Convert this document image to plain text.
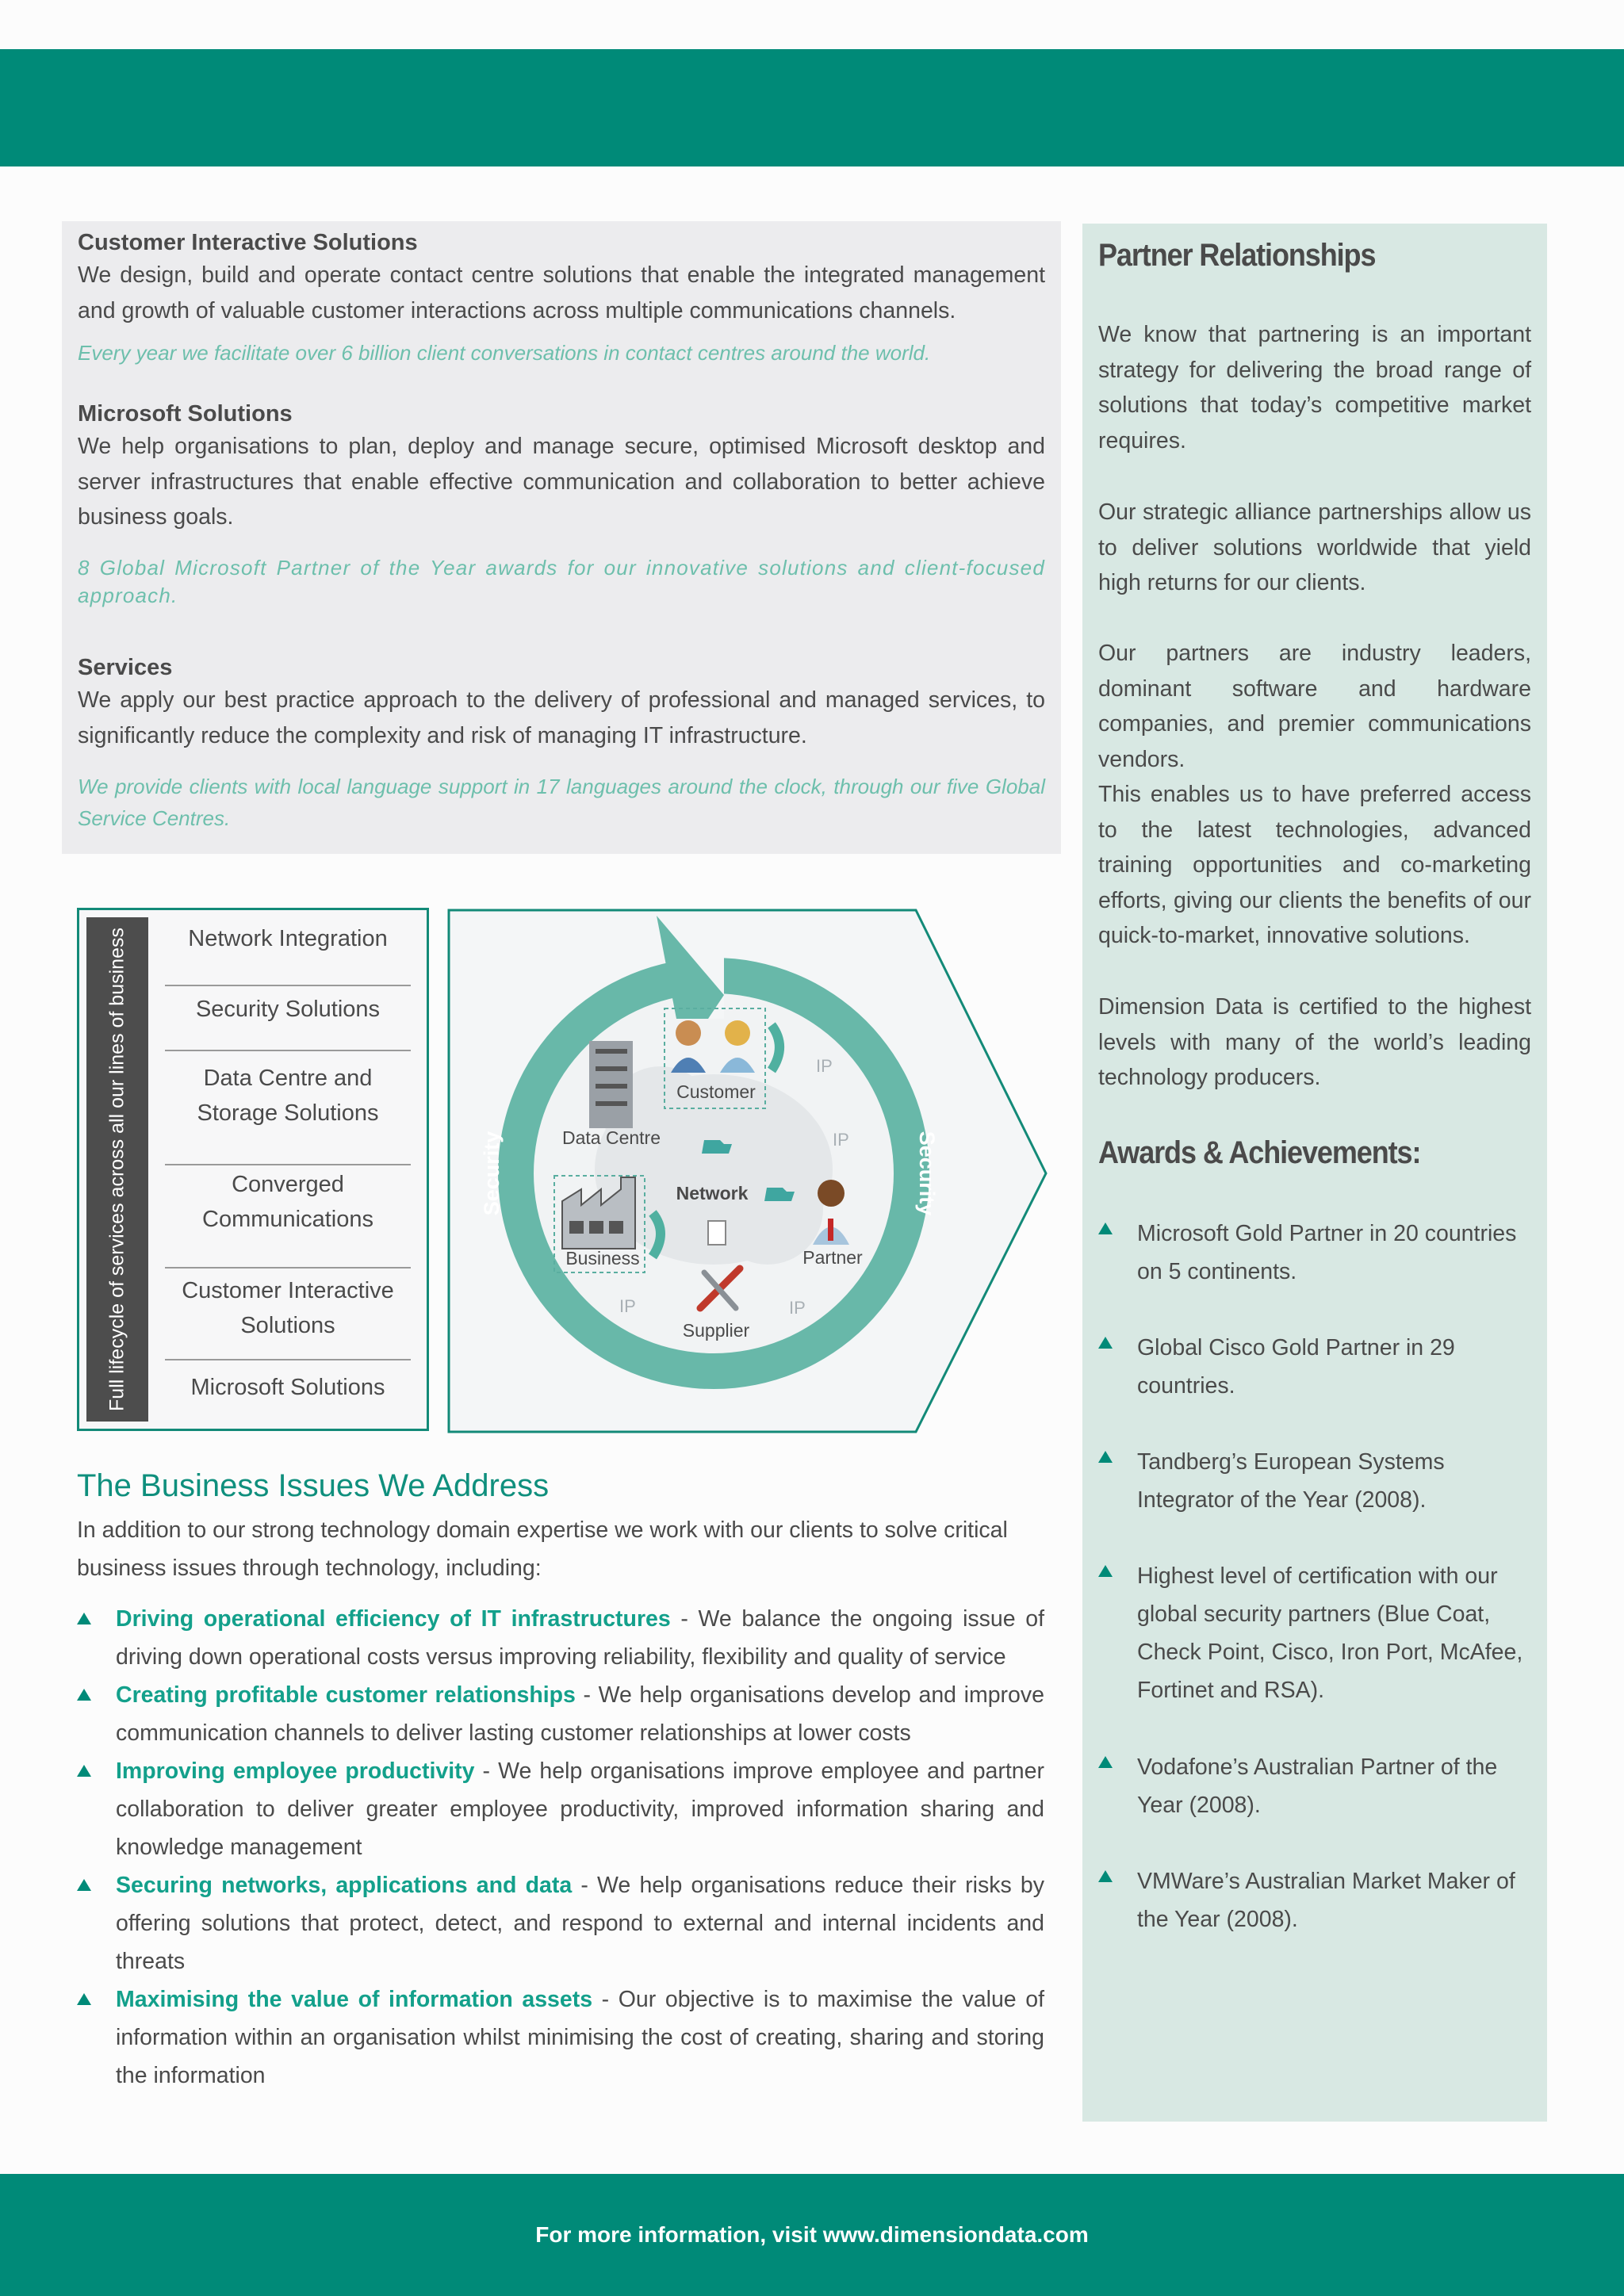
Customer Interactive Solutions

We design, build and operate contact centre solutions that enable the integrated management and growth of valuable customer interactions across multiple communications channels.

Every year we facilitate over 6 billion client conversations in contact centres around the world.

Microsoft Solutions

We help organisations to plan, deploy and manage secure, optimised Microsoft desktop and server infrastructures that enable effective communication and collaboration to better achieve business goals.

8 Global Microsoft Partner of the Year awards for our innovative solutions and client-focused approach.

Services

We apply our best practice approach to the delivery of professional and managed services, to significantly reduce the complexity and risk of managing IT infrastructure.

We provide clients with local language support in 17 languages around the clock, through our five Global Service Centres.

Full lifecycle of services across all our lines of business	Network Integration
Security Solutions
Data Centre and Storage Solutions
Converged Communications
Customer Interactive Solutions
Microsoft Solutions
Security	Security
Customer
Data Centre
Business	Partner
Supplier
Network
IP
IP
IP	IP
The Business Issues We Address

In addition to our strong technology domain expertise we work with our clients to solve critical business issues through technology, including:

Driving operational efficiency of IT infrastructures - We balance the ongoing issue of driving down operational costs versus improving reliability, flexibility and quality of service

Creating profitable customer relationships - We help organisations develop and improve communication channels to deliver lasting customer relationships at lower costs

Improving employee productivity - We help organisations improve employee and partner collaboration to deliver greater employee productivity, improved information sharing and knowledge management

Securing networks, applications and data - We help organisations reduce their risks by offering solutions that protect, detect, and respond to external and internal incidents and threats

Maximising the value of information assets - Our objective is to maximise the value of information within an organisation whilst minimising the cost of creating, sharing and storing the information

Partner Relationships

We know that partnering is an important strategy for delivering the broad range of solutions that today’s competitive market requires.

Our strategic alliance partnerships allow us to deliver solutions worldwide that yield high returns for our clients.

Our partners are industry leaders, dominant software and hardware companies, and premier communications vendors.

This enables us to have preferred access to the latest technologies, advanced training opportunities and co-marketing efforts, giving our clients the benefits of our quick-to-market, innovative solutions.

Dimension Data is certified to the highest levels with many of the world’s leading technology producers.

Awards & Achievements:

Microsoft Gold Partner in 20 countries on 5 continents.

Global Cisco Gold Partner in 29 countries.

Tandberg’s European Systems Integrator of the Year (2008).

Highest level of certification with our global security partners (Blue Coat, Check Point, Cisco, Iron Port, McAfee, Fortinet and RSA).

Vodafone’s Australian Partner of the Year (2008).

VMWare’s Australian Market Maker of the Year (2008).

For more information, visit www.dimensiondata.com
